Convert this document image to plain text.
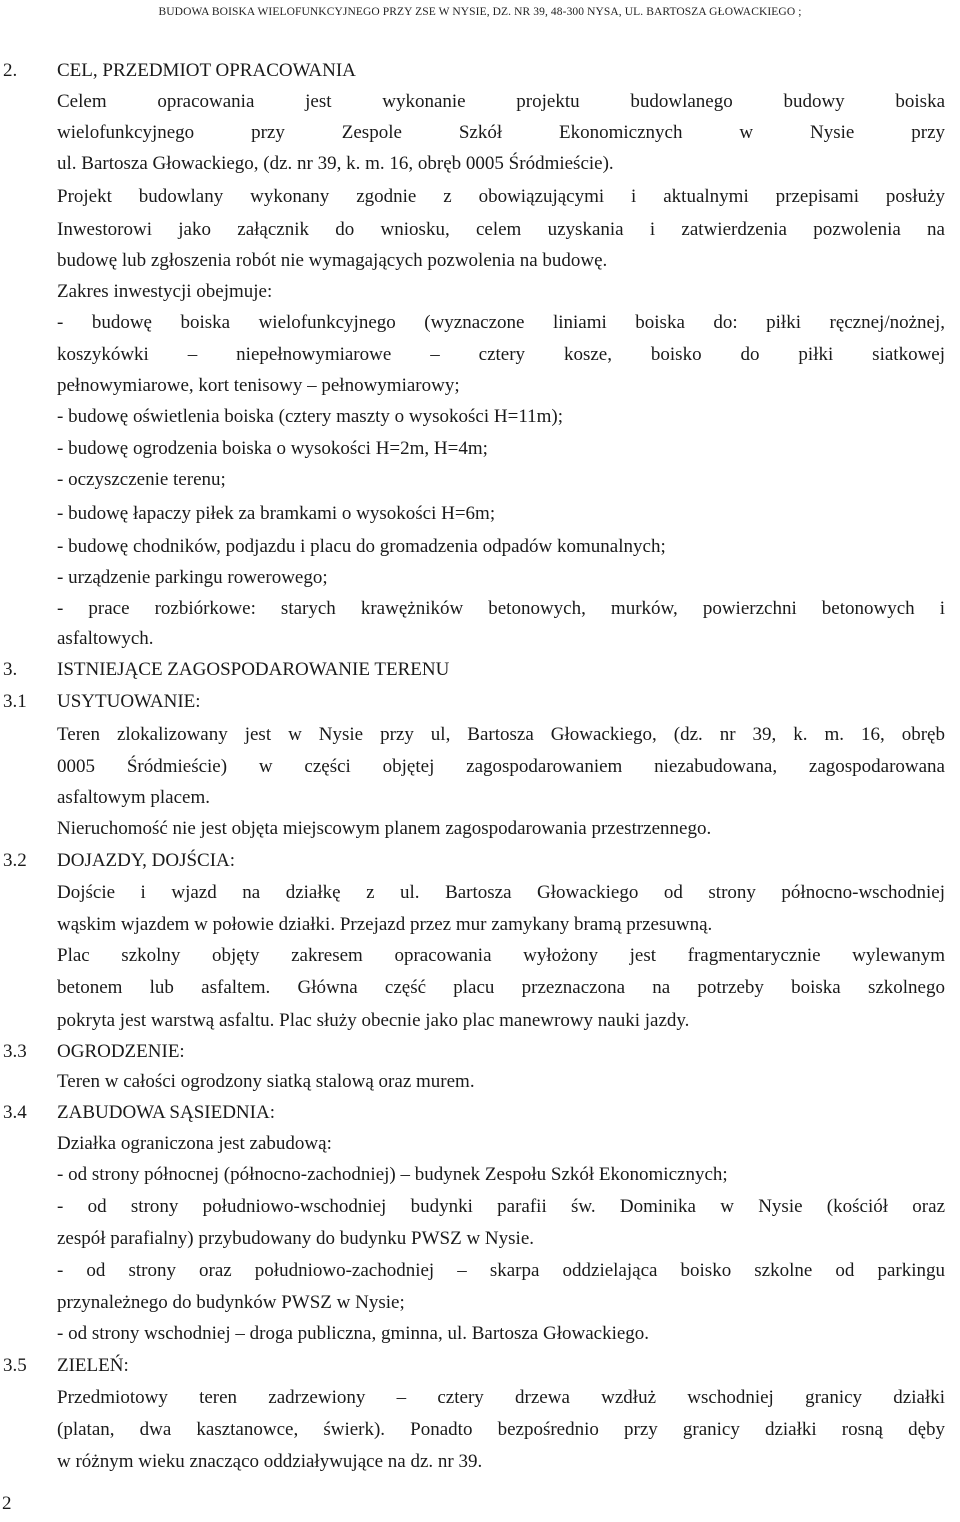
BUDOWA BOISKA WIELOFUNKCYJNEGO PRZY ZSE W NYSIE, DZ. NR 39, 48-300 NYSA, UL. BARTOSZA GŁOWACKIEGO ;
2. CEL, PRZEDMIOT OPRACOWANIA
Celem opracowania jest wykonanie projektu budowlanego budowy boiska
wielofunkcyjnego przy Zespole Szkół Ekonomicznych w Nysie przy
ul. Bartosza Głowackiego, (dz. nr 39, k. m. 16, obręb 0005 Śródmieście).
Projekt budowlany wykonany zgodnie z obowiązującymi i aktualnymi przepisami posłuży
Inwestorowi jako załącznik do wniosku, celem uzyskania i zatwierdzenia pozwolenia na
budowę lub zgłoszenia robót nie wymagających pozwolenia na budowę.
Zakres inwestycji obejmuje:
- budowę boiska wielofunkcyjnego (wyznaczone liniami boiska do: piłki ręcznej/nożnej,
koszykówki – niepełnowymiarowe – cztery kosze, boisko do piłki siatkowej
pełnowymiarowe, kort tenisowy – pełnowymiarowy;
- budowę oświetlenia boiska (cztery maszty o wysokości H=11m);
- budowę ogrodzenia boiska o wysokości H=2m, H=4m;
- oczyszczenie terenu;
- budowę łapaczy piłek za bramkami o wysokości H=6m;
- budowę chodników, podjazdu i placu do gromadzenia odpadów komunalnych;
- urządzenie parkingu rowerowego;
- prace rozbiórkowe: starych krawężników betonowych, murków, powierzchni betonowych i
asfaltowych.
3. ISTNIEJĄCE ZAGOSPODAROWANIE TERENU
3.1 USYTUOWANIE:
Teren zlokalizowany jest w Nysie przy ul, Bartosza Głowackiego, (dz. nr 39, k. m. 16, obręb
0005 Śródmieście) w części objętej zagospodarowaniem niezabudowana, zagospodarowana
asfaltowym placem.
Nieruchomość nie jest objęta miejscowym planem zagospodarowania przestrzennego.
3.2 DOJAZDY, DOJŚCIA:
Dojście i wjazd na działkę z ul. Bartosza Głowackiego od strony północno-wschodniej
wąskim wjazdem w połowie działki. Przejazd przez mur zamykany bramą przesuwną.
Plac szkolny objęty zakresem opracowania wyłożony jest fragmentarycznie wylewanym
betonem lub asfaltem. Główna część placu przeznaczona na potrzeby boiska szkolnego
pokryta jest warstwą asfaltu. Plac służy obecnie jako plac manewrowy nauki jazdy.
3.3 OGRODZENIE:
Teren w całości ogrodzony siatką stalową oraz murem.
3.4 ZABUDOWA SĄSIEDNIA:
Działka ograniczona jest zabudową:
- od strony północnej (północno-zachodniej) – budynek Zespołu Szkół Ekonomicznych;
- od strony południowo-wschodniej budynki parafii św. Dominika w Nysie (kościół oraz
zespół parafialny) przybudowany do budynku PWSZ w Nysie.
- od strony oraz południowo-zachodniej – skarpa oddzielająca boisko szkolne od parkingu
przynależnego do budynków PWSZ w Nysie;
- od strony wschodniej – droga publiczna, gminna, ul. Bartosza Głowackiego.
3.5 ZIELEŃ:
Przedmiotowy teren zadrzewiony – cztery drzewa wzdłuż wschodniej granicy działki
(platan, dwa kasztanowce, świerk). Ponadto bezpośrednio przy granicy działki rosną dęby
w różnym wieku znacząco oddziaływujące na dz. nr 39.
2
